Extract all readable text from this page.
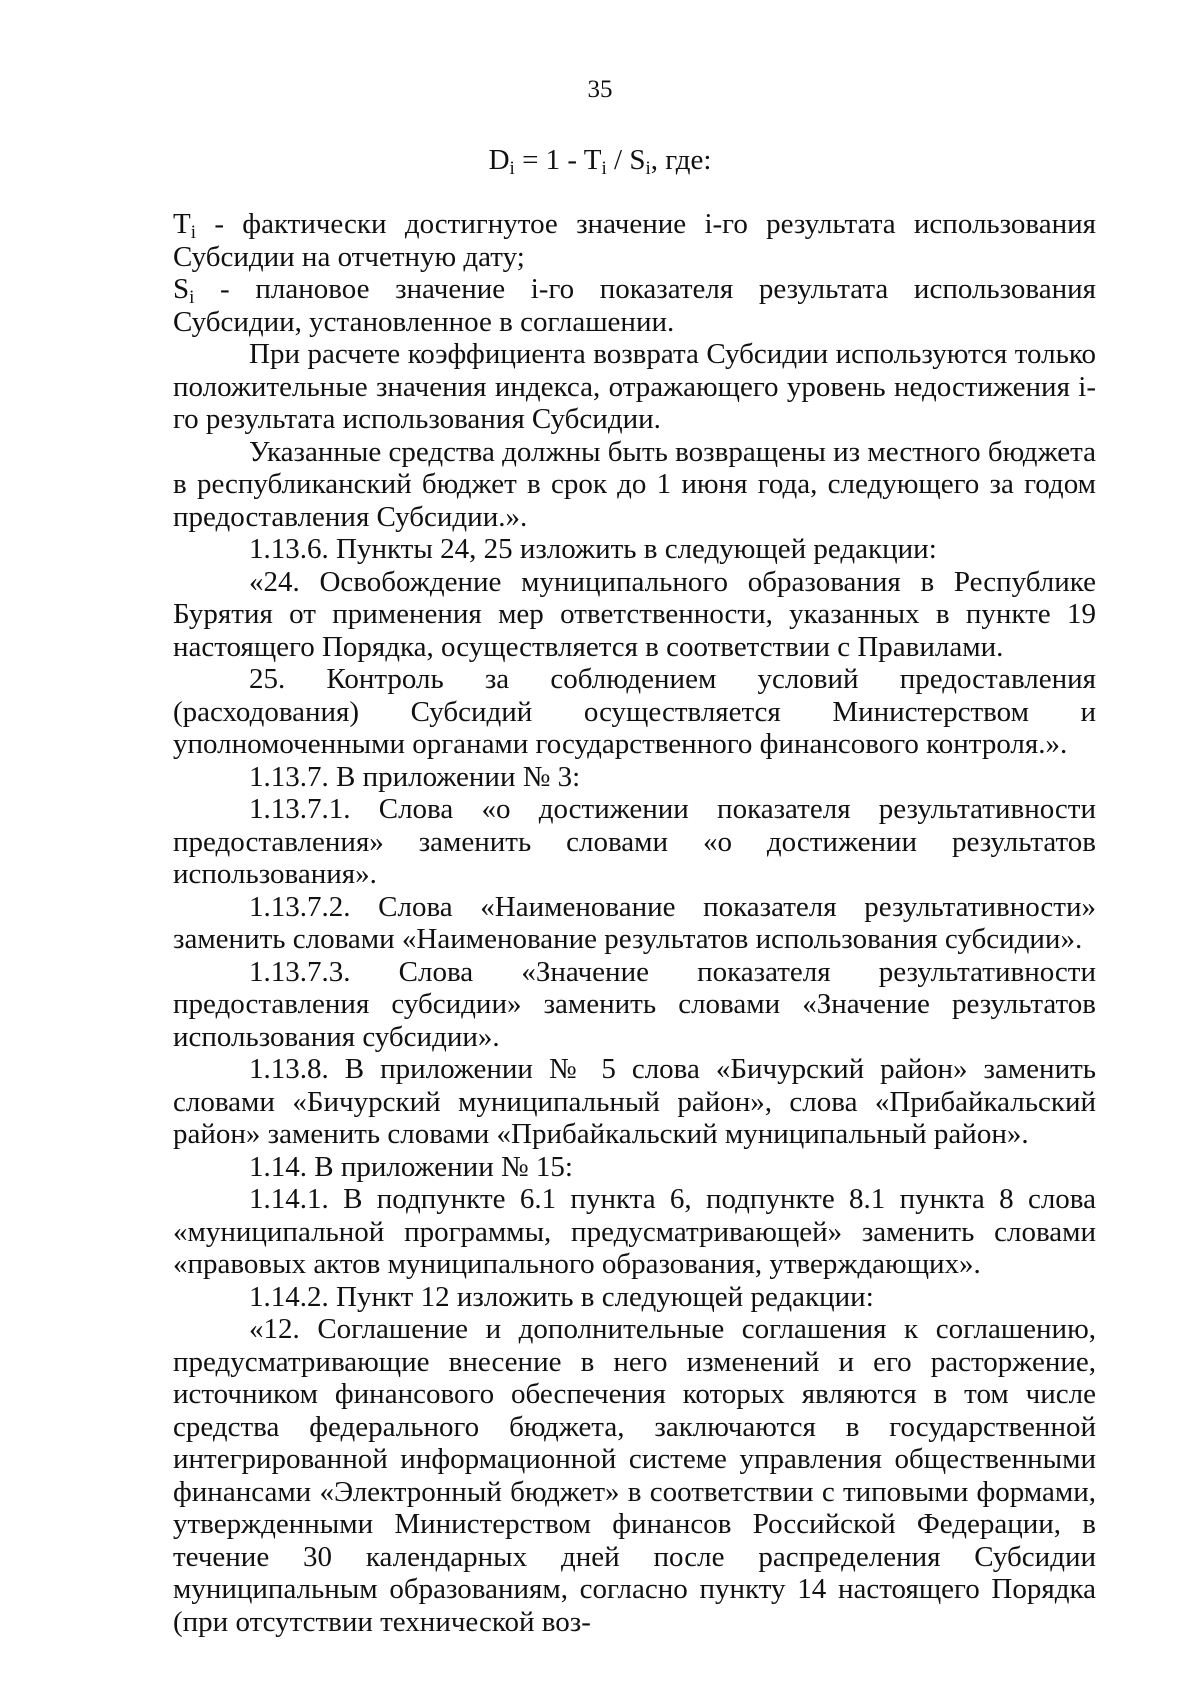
35
$D_i = 1 - T_i / S_i$, где:

$T_i$ - фактически достигнутое значение i-го результата использования Субсидии на отчетную дату;

$S_i$ - плановое значение i-го показателя результата использования Субсидии, установленное в соглашении.

При расчете коэффициента возврата Субсидии используются только положительные значения индекса, отражающего уровень недостижения i-го результата использования Субсидии.

Указанные средства должны быть возвращены из местного бюджета в республиканский бюджет в срок до 1 июня года, следующего за годом предоставления Субсидии.».

1.13.6. Пункты 24, 25 изложить в следующей редакции:

«24. Освобождение муниципального образования в Республике Бурятия от применения мер ответственности, указанных в пункте 19 настоящего Порядка, осуществляется в соответствии с Правилами.

25. Контроль за соблюдением условий предоставления (расходования) Субсидий осуществляется Министерством и уполномоченными органами государственного финансового контроля.».

1.13.7. В приложении № 3:

1.13.7.1. Слова «о достижении показателя результативности предоставления» заменить словами «о достижении результатов использования».

1.13.7.2. Слова «Наименование показателя результативности» заменить словами «Наименование результатов использования субсидии».

1.13.7.3. Слова «Значение показателя результативности предоставления субсидии» заменить словами «Значение результатов использования субсидии».

1.13.8. В приложении № 5 слова «Бичурский район» заменить словами «Бичурский муниципальный район», слова «Прибайкальский район» заменить словами «Прибайкальский муниципальный район».

1.14. В приложении № 15:

1.14.1. В подпункте 6.1 пункта 6, подпункте 8.1 пункта 8 слова «муниципальной программы, предусматривающей» заменить словами «правовых актов муниципального образования, утверждающих».

1.14.2. Пункт 12 изложить в следующей редакции:

«12. Соглашение и дополнительные соглашения к соглашению, предусматривающие внесение в него изменений и его расторжение, источником финансового обеспечения которых являются в том числе средства федерального бюджета, заключаются в государственной интегрированной информационной системе управления общественными финансами «Электронный бюджет» в соответствии с типовыми формами, утвержденными Министерством финансов Российской Федерации, в течение 30 календарных дней после распределения Субсидии муниципальным образованиям, согласно пункту 14 настоящего Порядка (при отсутствии технической воз-
